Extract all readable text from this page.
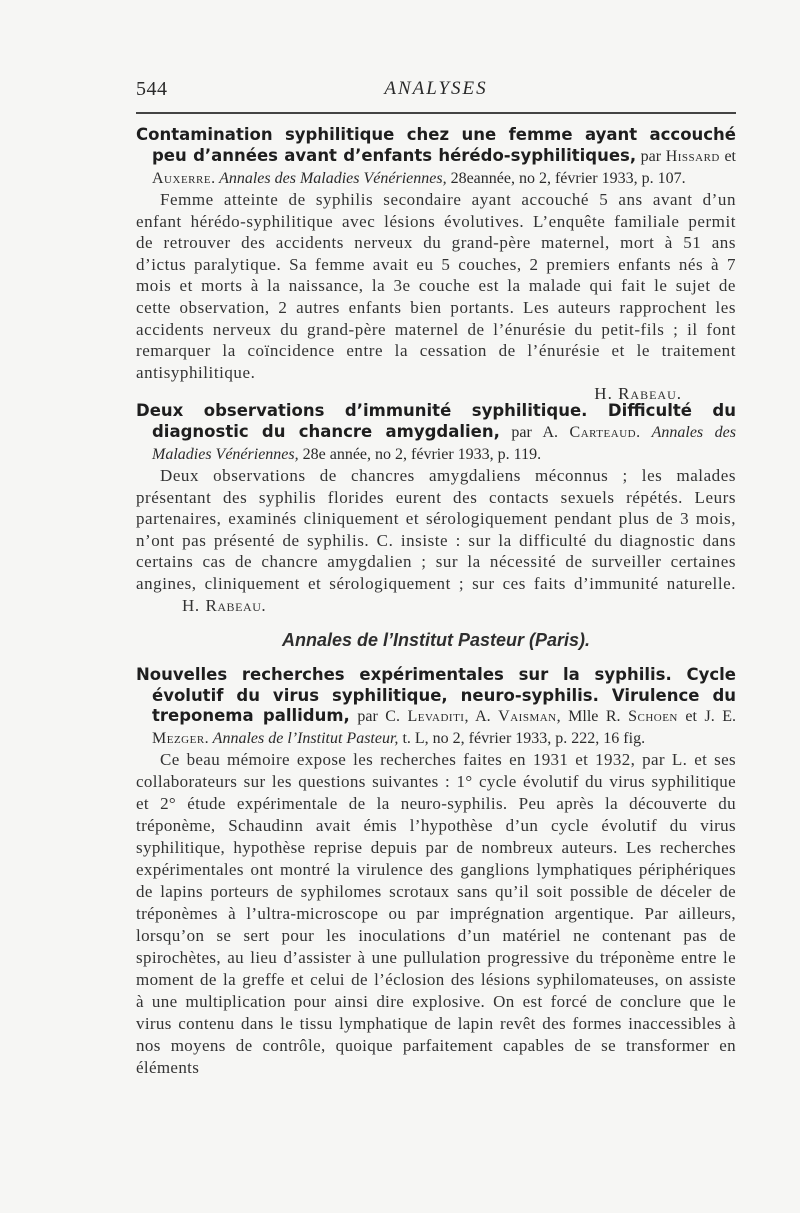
544	ANALYSES

Contamination syphilitique chez une femme ayant accouché peu d’années avant d’enfants hérédo-syphilitiques, par Hissard et Auxerre. Annales des Maladies Vénériennes, 28eannée, no 2, février 1933, p. 107.

Femme atteinte de syphilis secondaire ayant accouché 5 ans avant d’un enfant hérédo-syphilitique avec lésions évolutives. L’enquête familiale permit de retrouver des accidents nerveux du grand-père maternel, mort à 51 ans d’ictus paralytique. Sa femme avait eu 5 couches, 2 premiers enfants nés à 7 mois et morts à la naissance, la 3e couche est la malade qui fait le sujet de cette observation, 2 autres enfants bien portants. Les auteurs rapprochent les accidents nerveux du grand-père maternel de l’énurésie du petit-fils ; il font remarquer la coïncidence entre la cessation de l’énurésie et le traitement antisyphilitique.

H. Rabeau.

Deux observations d’immunité syphilitique. Difficulté du diagnostic du chancre amygdalien, par A. Carteaud. Annales des Maladies Vénériennes, 28e année, no 2, février 1933, p. 119.

Deux observations de chancres amygdaliens méconnus ; les malades présentant des syphilis florides eurent des contacts sexuels répétés. Leurs partenaires, examinés cliniquement et sérologiquement pendant plus de 3 mois, n’ont pas présenté de syphilis. C. insiste : sur la difficulté du diagnostic dans certains cas de chancre amygdalien ; sur la nécessité de surveiller certaines angines, cliniquement et sérologiquement ; sur ces faits d’immunité naturelle.H. Rabeau.

Annales de l’Institut Pasteur (Paris).

Nouvelles recherches expérimentales sur la syphilis. Cycle évolutif du virus syphilitique, neuro-syphilis. Virulence du treponema pallidum, par C. Levaditi, A. Vaisman, Mlle R. Schoen et J. E. Mezger. Annales de l’Institut Pasteur, t. L, no 2, février 1933, p. 222, 16 fig.

Ce beau mémoire expose les recherches faites en 1931 et 1932, par L. et ses collaborateurs sur les questions suivantes : 1° cycle évolutif du virus syphilitique et 2° étude expérimentale de la neuro-syphilis. Peu après la découverte du tréponème, Schaudinn avait émis l’hypothèse d’un cycle évolutif du virus syphilitique, hypothèse reprise depuis par de nombreux auteurs. Les recherches expérimentales ont montré la virulence des ganglions lymphatiques périphériques de lapins porteurs de syphilomes scrotaux sans qu’il soit possible de déceler de tréponèmes à l’ultra-microscope ou par imprégnation argentique. Par ailleurs, lorsqu’on se sert pour les inoculations d’un matériel ne contenant pas de spirochètes, au lieu d’assister à une pullulation progressive du tréponème entre le moment de la greffe et celui de l’éclosion des lésions syphilomateuses, on assiste à une multiplication pour ainsi dire explosive. On est forcé de conclure que le virus contenu dans le tissu lymphatique de lapin revêt des formes inaccessibles à nos moyens de contrôle, quoique parfaitement capables de se transformer en éléments
